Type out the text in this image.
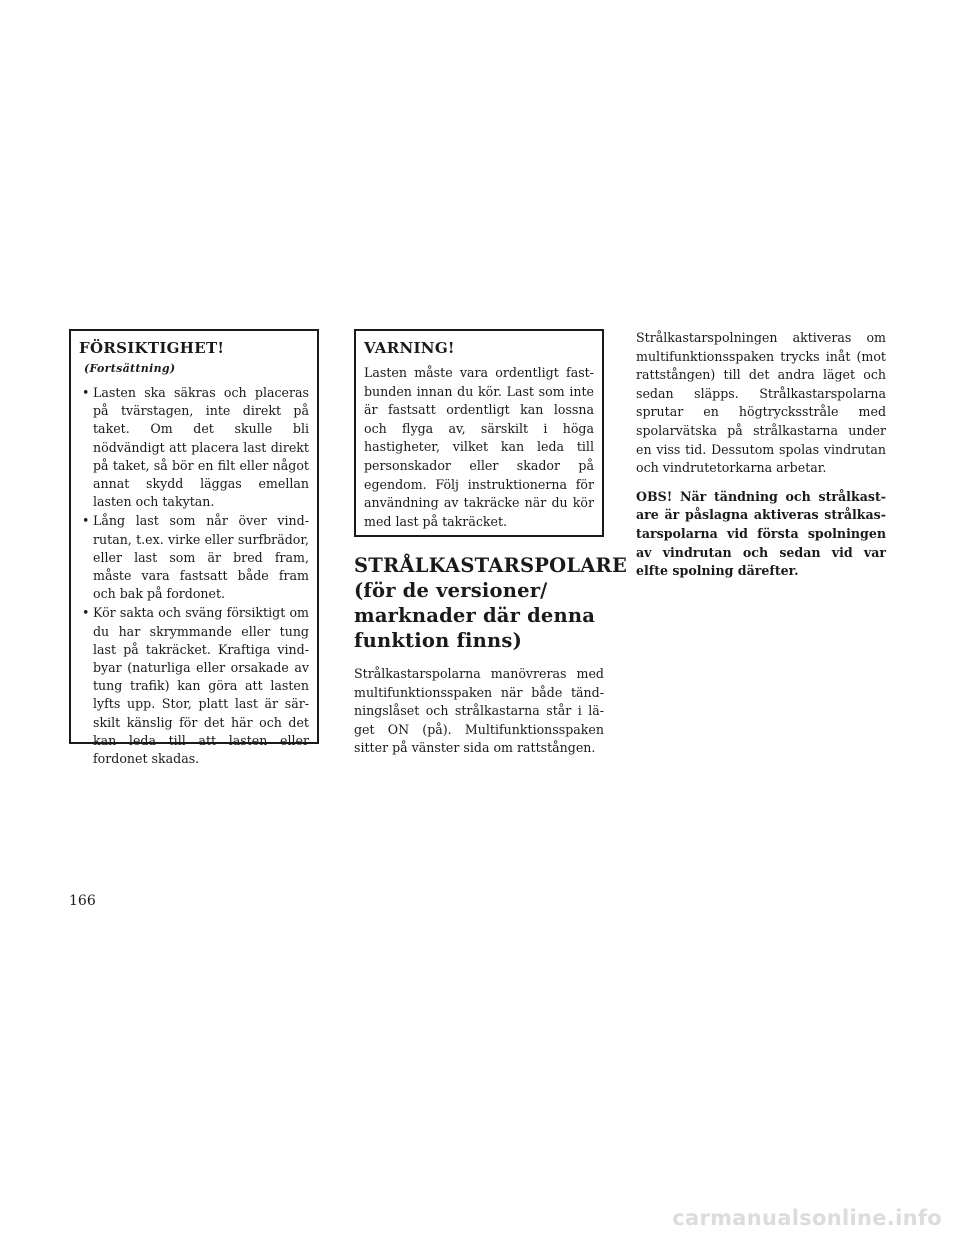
FÖRSIKTIGHET!(Fortsättning)
• Lasten ska säkras och placeras på tvärstagen, inte direkt på taket. Om det skulle bli nödvändigt att placera last direkt på taket, så bör en filt eller något annat skydd läggas emellan lasten och takytan.
• Lång last som når över vindrutan, t.ex. virke eller surfbrädor, eller last som är bred fram, måste vara fastsatt både fram och bak på fordonet.
• Kör sakta och sväng försiktigt om du har skrymmande eller tung last på takräcket. Kraftiga vindbyar (naturliga eller orsakade av tung trafik) kan göra att lasten lyfts upp. Stor, platt last är särskilt känslig för det här och det kan leda till att lasten eller fordonet skadas.
VARNING!

Lasten måste vara ordentligt fastbunden innan du kör. Last som inte är fastsatt ordentligt kan lossna och flyga av, särskilt i höga hastigheter, vilket kan leda till personskador eller skador på egendom. Följ instruktionerna för användning av takräcke när du kör med last på takräcket.

STRÅLKASTARSPOLARE (för de versioner/ marknader där denna funktion finns)

Strålkastarspolarna manövreras med multifunktionsspaken när både tändningslåset och strålkastarna står i läget ON (på). Multifunktionsspaken sitter på vänster sida om rattstången.

Strålkastarspolningen aktiveras om multifunktionsspaken trycks inåt (mot rattstången) till det andra läget och sedan släpps. Strålkastarspolarna sprutar en högtrycksstråle med spolarvätska på strålkastarna under en viss tid. Dessutom spolas vindrutan och vindrutetorkarna arbetar.

OBS! När tändning och strålkastare är påslagna aktiveras strålkastarspolarna vid första spolningen av vindrutan och sedan vid var elfte spolning därefter.

166
carmanualsonline.info
